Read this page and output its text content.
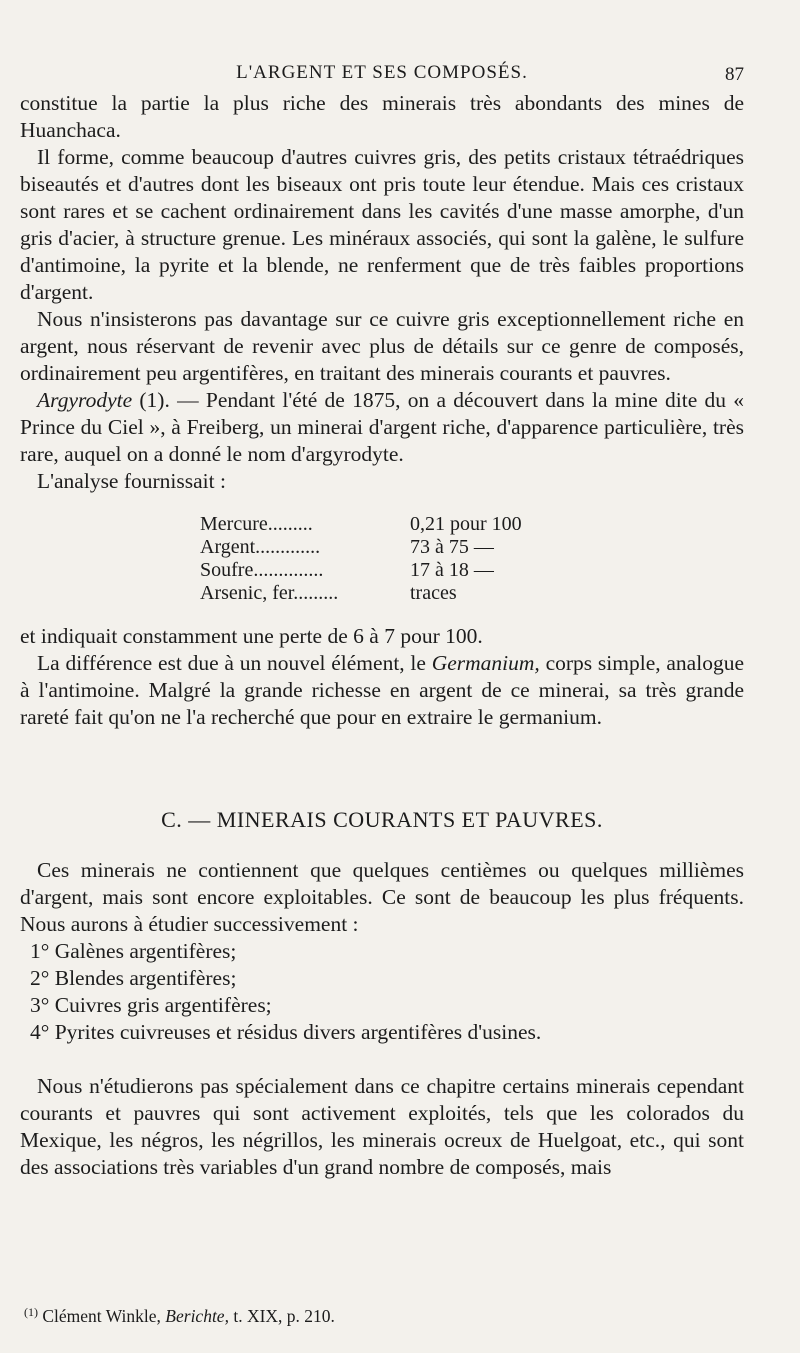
L'ARGENT ET SES COMPOSÉS.	87

constitue la partie la plus riche des minerais très abondants des mines de Huanchaca.

Il forme, comme beaucoup d'autres cuivres gris, des petits cristaux tétraédriques biseautés et d'autres dont les biseaux ont pris toute leur étendue. Mais ces cristaux sont rares et se cachent ordinairement dans les cavités d'une masse amorphe, d'un gris d'acier, à structure grenue. Les minéraux associés, qui sont la galène, le sulfure d'antimoine, la pyrite et la blende, ne renferment que de très faibles proportions d'argent.

Nous n'insisterons pas davantage sur ce cuivre gris exceptionnellement riche en argent, nous réservant de revenir avec plus de détails sur ce genre de composés, ordinairement peu argentifères, en traitant des minerais courants et pauvres.

Argyrodyte (1). — Pendant l'été de 1875, on a découvert dans la mine dite du « Prince du Ciel », à Freiberg, un minerai d'argent riche, d'apparence particulière, très rare, auquel on a donné le nom d'argyrodyte.

L'analyse fournissait :

Mercure.........	0,21 pour 100
Argent.............	73 à 75 —
Soufre..............	17 à 18 —
Arsenic, fer.........	traces

et indiquait constamment une perte de 6 à 7 pour 100.

La différence est due à un nouvel élément, le Germanium, corps simple, analogue à l'antimoine. Malgré la grande richesse en argent de ce minerai, sa très grande rareté fait qu'on ne l'a recherché que pour en extraire le germanium.

C. — MINERAIS COURANTS ET PAUVRES.

Ces minerais ne contiennent que quelques centièmes ou quelques millièmes d'argent, mais sont encore exploitables. Ce sont de beaucoup les plus fréquents. Nous aurons à étudier successivement :

1° Galènes argentifères;

2° Blendes argentifères;

3° Cuivres gris argentifères;

4° Pyrites cuivreuses et résidus divers argentifères d'usines.

Nous n'étudierons pas spécialement dans ce chapitre certains minerais cependant courants et pauvres qui sont activement exploités, tels que les colorados du Mexique, les négros, les négrillos, les minerais ocreux de Huelgoat, etc., qui sont des associations très variables d'un grand nombre de composés, mais

$^{(1)}$ Clément Winkle, Berichte, t. XIX, p. 210.
